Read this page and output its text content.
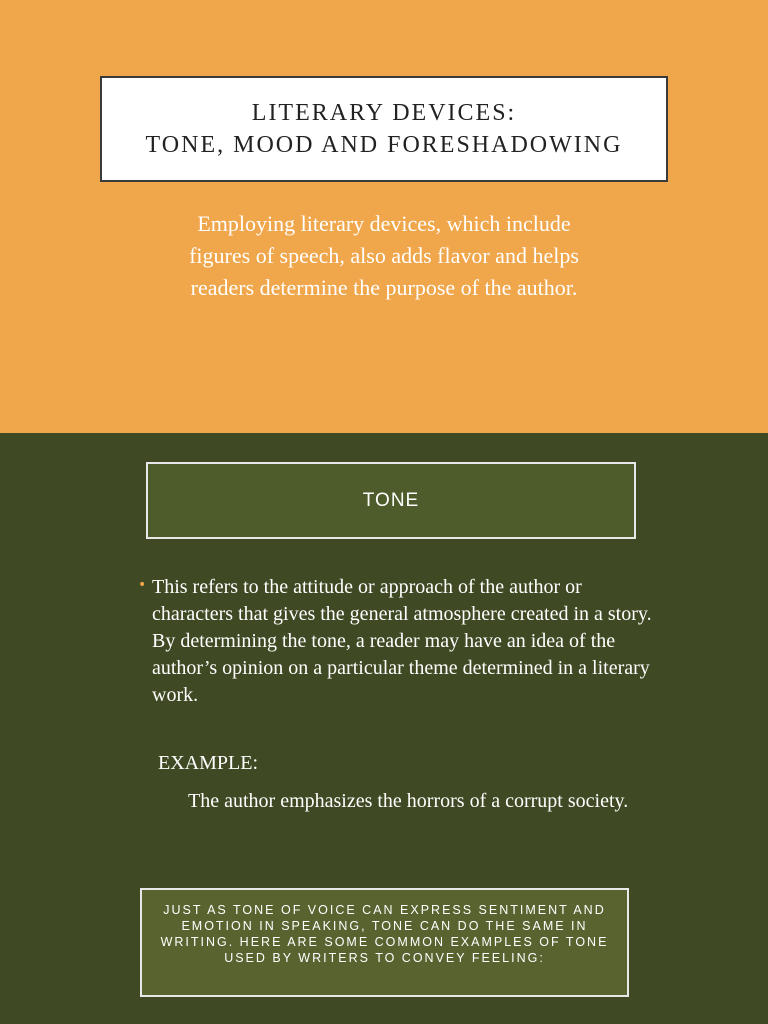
LITERARY DEVICES:
TONE, MOOD AND FORESHADOWING
Employing literary devices, which include figures of speech, also adds flavor and helps readers determine the purpose of the author.
TONE
• This refers to the attitude or approach of the author or characters that gives the general atmosphere created in a story. By determining the tone, a reader may have an idea of the author’s opinion on a particular theme determined in a literary work.
EXAMPLE:
The author emphasizes the horrors of a corrupt society.
JUST AS TONE OF VOICE CAN EXPRESS SENTIMENT AND EMOTION IN SPEAKING, TONE CAN DO THE SAME IN WRITING. HERE ARE SOME COMMON EXAMPLES OF TONE USED BY WRITERS TO CONVEY FEELING:
